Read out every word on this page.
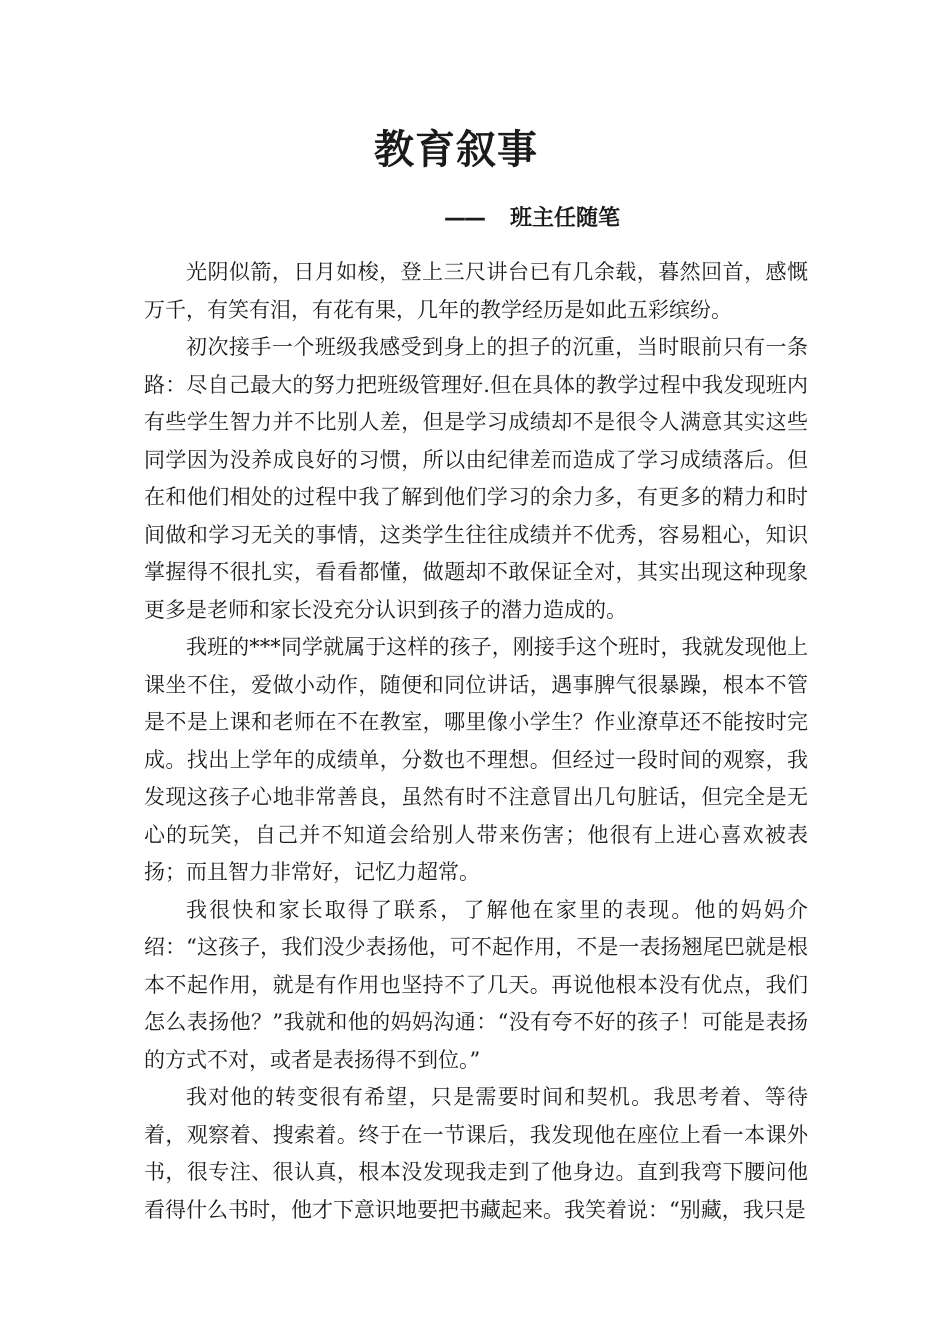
教育叙事
—— 班主任随笔

光阴似箭，日月如梭，登上三尺讲台已有几余载，暮然回首，感慨万千，有笑有泪，有花有果，几年的教学经历是如此五彩缤纷。

初次接手一个班级我感受到身上的担子的沉重，当时眼前只有一条路：尽自己最大的努力把班级管理好.但在具体的教学过程中我发现班内有些学生智力并不比别人差，但是学习成绩却不是很令人满意其实这些同学因为没养成良好的习惯，所以由纪律差而造成了学习成绩落后。但在和他们相处的过程中我了解到他们学习的余力多，有更多的精力和时间做和学习无关的事情，这类学生往往成绩并不优秀，容易粗心，知识掌握得不很扎实，看看都懂，做题却不敢保证全对，其实出现这种现象更多是老师和家长没充分认识到孩子的潜力造成的。

我班的***同学就属于这样的孩子，刚接手这个班时，我就发现他上课坐不住，爱做小动作，随便和同位讲话，遇事脾气很暴躁，根本不管是不是上课和老师在不在教室，哪里像小学生？作业潦草还不能按时完成。找出上学年的成绩单，分数也不理想。但经过一段时间的观察，我发现这孩子心地非常善良，虽然有时不注意冒出几句脏话，但完全是无心的玩笑，自己并不知道会给别人带来伤害；他很有上进心喜欢被表扬；而且智力非常好，记忆力超常。

我很快和家长取得了联系，了解他在家里的表现。他的妈妈介绍：“这孩子，我们没少表扬他，可不起作用，不是一表扬翘尾巴就是根本不起作用，就是有作用也坚持不了几天。再说他根本没有优点，我们怎么表扬他？”我就和他的妈妈沟通：“没有夸不好的孩子！可能是表扬的方式不对，或者是表扬得不到位。”

我对他的转变很有希望，只是需要时间和契机。我思考着、等待着，观察着、搜索着。终于在一节课后，我发现他在座位上看一本课外书，很专注、很认真，根本没发现我走到了他身边。直到我弯下腰问他看得什么书时，他才下意识地要把书藏起来。我笑着说：“别藏，我只是
